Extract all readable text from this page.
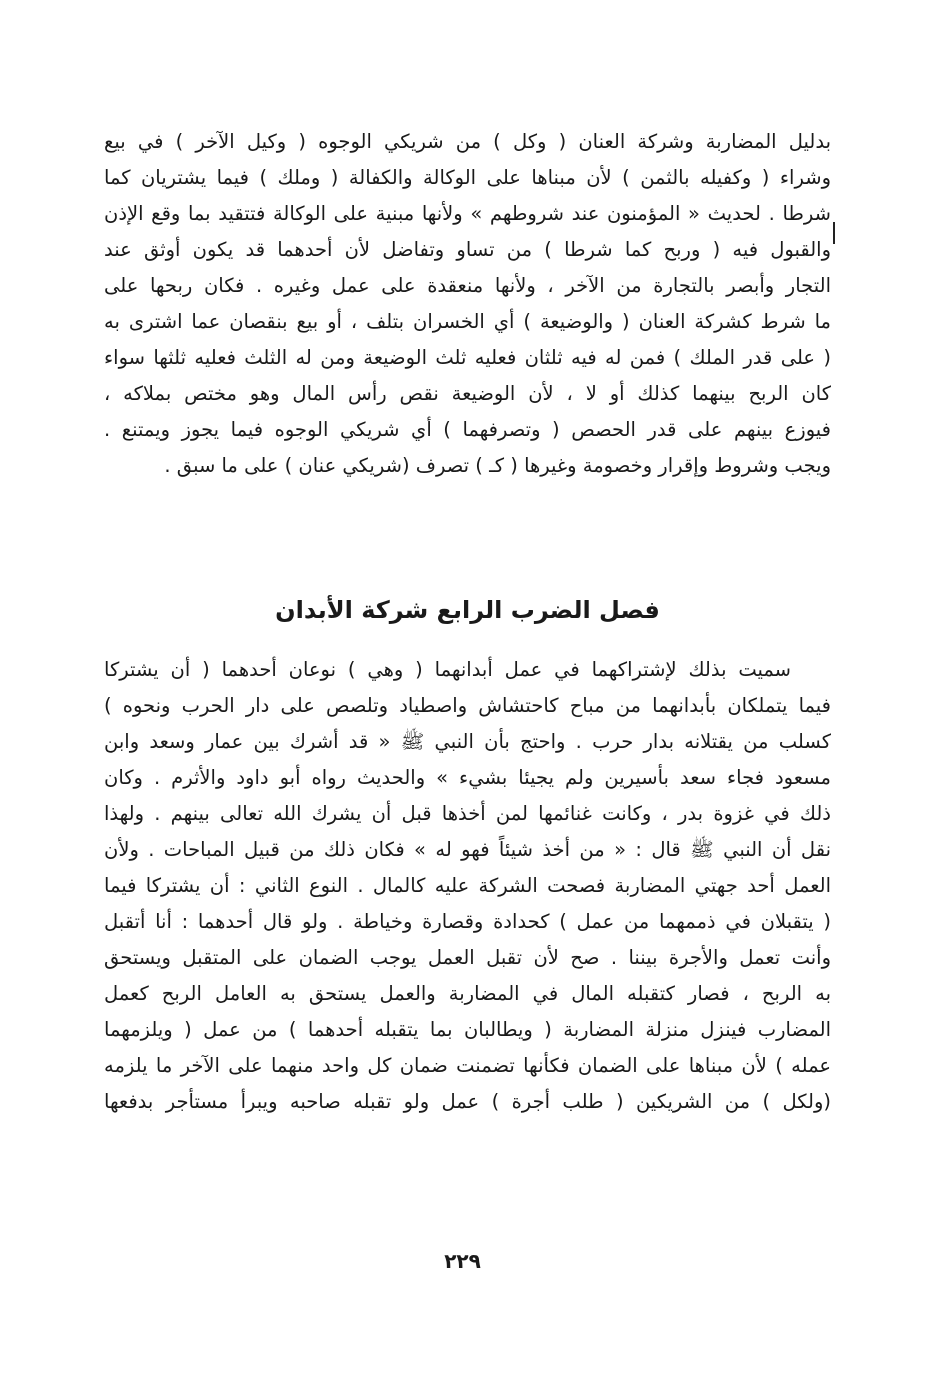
بدليل المضاربة وشركة العنان ( وكل ) من شريكي الوجوه ( وكيل الآخر ) في بيع
وشراء ( وكفيله بالثمن ) لأن مبناها على الوكالة والكفالة ( وملك ) فيما يشتريان كما
شرطا . لحديث « المؤمنون عند شروطهم » ولأنها مبنية على الوكالة فتتقيد بما وقع الإذن
والقبول فيه ( وربح كما شرطا ) من تساو وتفاضل لأن أحدهما قد يكون أوثق عند
التجار وأبصر بالتجارة من الآخر ، ولأنها منعقدة على عمل وغيره . فكان ربحها على
ما شرط كشركة العنان ( والوضيعة ) أي الخسران بتلف ، أو بيع بنقصان عما اشترى به
( على قدر الملك ) فمن له فيه ثلثان فعليه ثلث الوضيعة ومن له الثلث فعليه ثلثها سواء
كان الربح بينهما كذلك أو لا ، لأن الوضيعة نقص رأس المال وهو مختص بملاكه ،
فيوزع بينهم على قدر الحصص ( وتصرفهما ) أي شريكي الوجوه فيما يجوز ويمتنع .
ويجب وشروط وإقرار وخصومة وغيرها ( كـ ) تصرف (شريكي عنان ) على ما سبق .
فصل الضرب الرابع شركة الأبدان
سميت بذلك لإشتراكهما في عمل أبدانهما ( وهي ) نوعان أحدهما ( أن يشتركا
فيما يتملكان بأبدانهما من مباح كاحتشاش واصطياد وتلصص على دار الحرب ونحوه )
كسلب من يقتلانه بدار حرب . واحتج بأن النبي ﷺ « قد أشرك بين عمار وسعد وابن
مسعود فجاء سعد بأسيرين ولم يجيئا بشيء » والحديث رواه أبو داود والأثرم . وكان
ذلك في غزوة بدر ، وكانت غنائمها لمن أخذها قبل أن يشرك الله تعالى بينهم . ولهذا
نقل أن النبي ﷺ قال : « من أخذ شيئاً فهو له » فكان ذلك من قبيل المباحات . ولأن
العمل أحد جهتي المضاربة فصحت الشركة عليه كالمال . النوع الثاني : أن يشتركا فيما
( يتقبلان في ذممهما من عمل ) كحدادة وقصارة وخياطة . ولو قال أحدهما : أنا أتقبل
وأنت تعمل والأجرة بيننا . صح لأن تقبل العمل يوجب الضمان على المتقبل ويستحق
به الربح ، فصار كتقبله المال في المضاربة والعمل يستحق به العامل الربح كعمل
المضارب فينزل منزلة المضاربة ( ويطالبان بما يتقبله أحدهما ) من عمل ( ويلزمهما
عمله ) لأن مبناها على الضمان فكأنها تضمنت ضمان كل واحد منهما على الآخر ما يلزمه
(ولكل ) من الشريكين ( طلب أجرة ) عمل ولو تقبله صاحبه ويبرأ مستأجر بدفعها
٢٢٩
